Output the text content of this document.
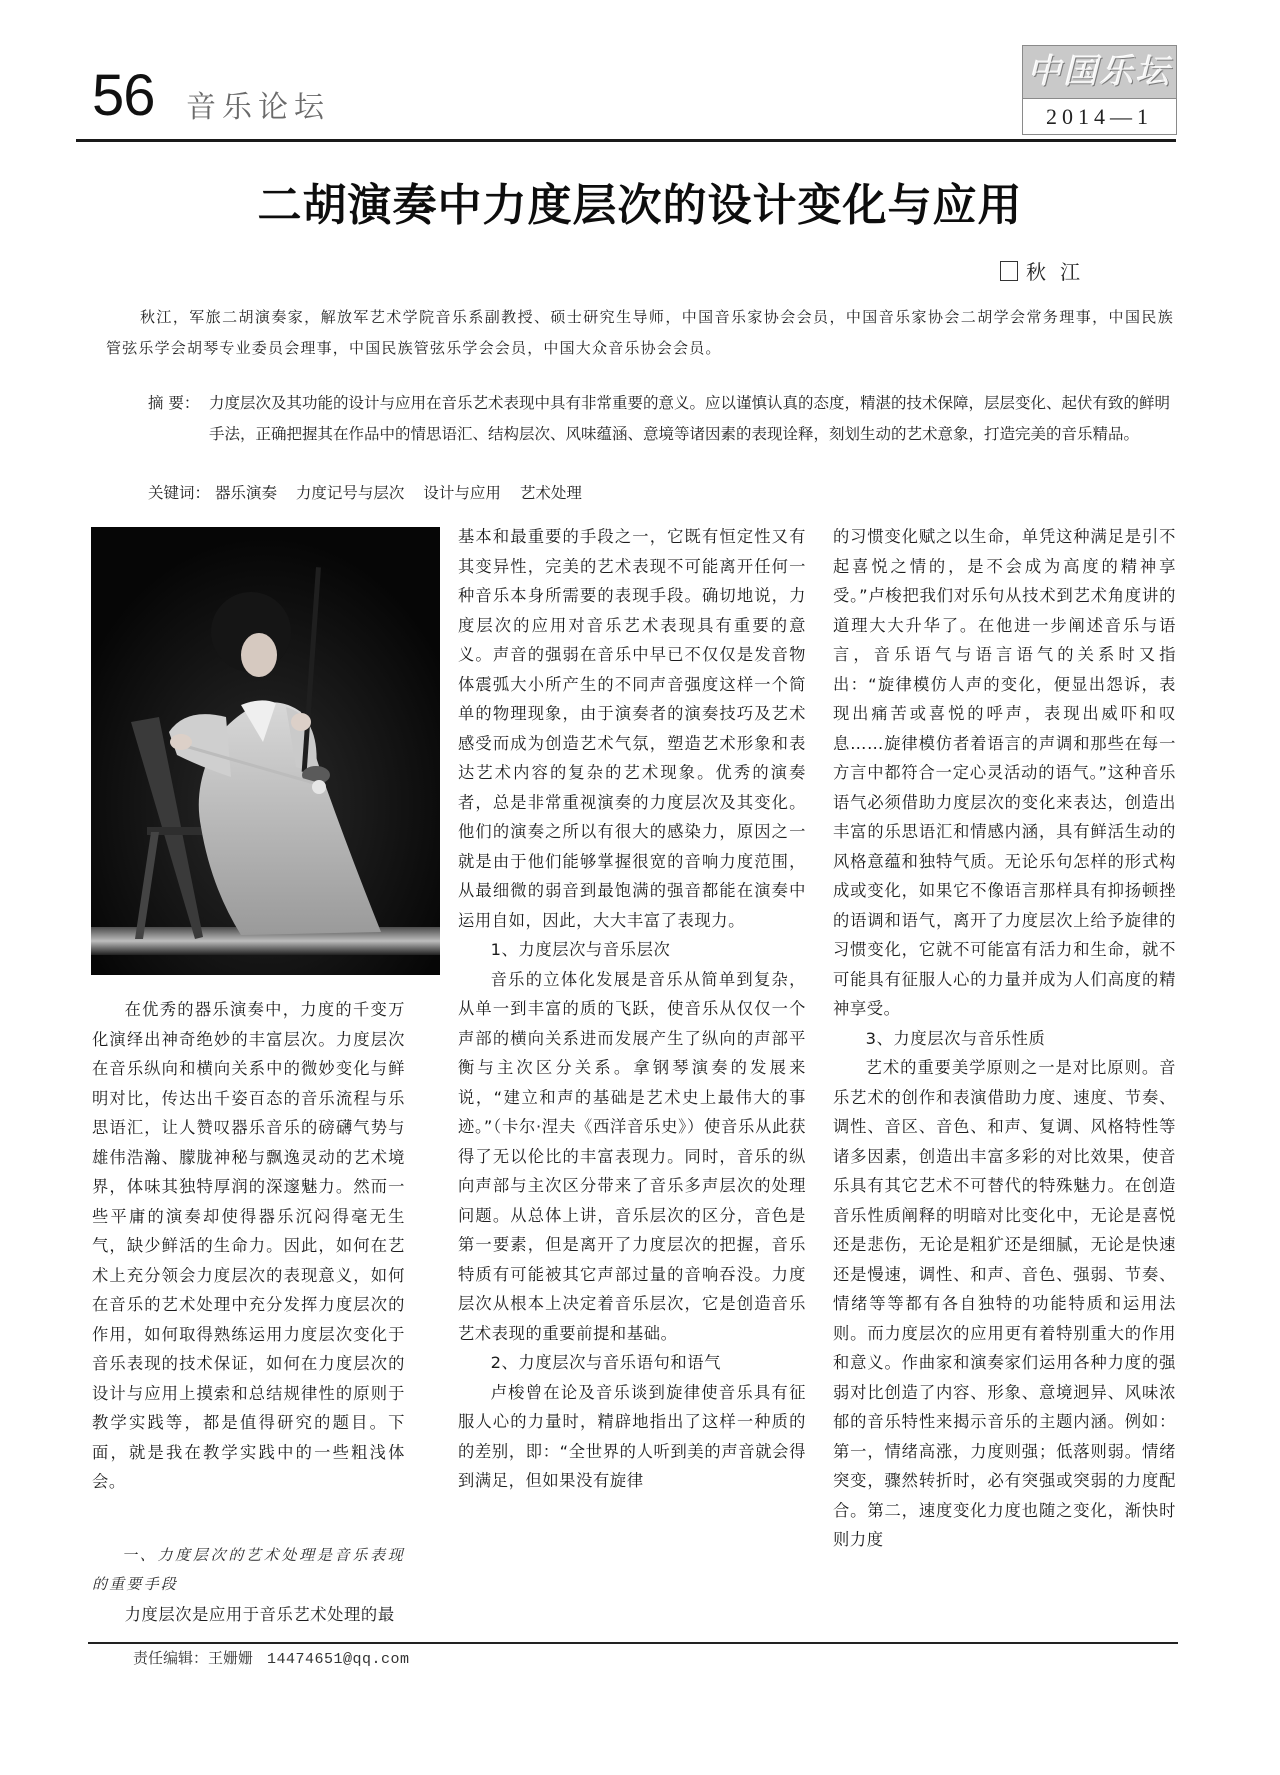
56 音乐论坛
中国乐坛
2014—1
二胡演奏中力度层次的设计变化与应用
秋江
秋江，军旅二胡演奏家，解放军艺术学院音乐系副教授、硕士研究生导师，中国音乐家协会会员，中国音乐家协会二胡学会常务理事，中国民族管弦乐学会胡琴专业委员会理事，中国民族管弦乐学会会员，中国大众音乐协会会员。
摘 要： 力度层次及其功能的设计与应用在音乐艺术表现中具有非常重要的意义。应以谨慎认真的态度，精湛的技术保障，层层变化、起伏有致的鲜明手法，正确把握其在作品中的情思语汇、结构层次、风味蕴涵、意境等诸因素的表现诠释，刻划生动的艺术意象，打造完美的音乐精品。
关键词： 器乐演奏 力度记号与层次 设计与应用 艺术处理

在优秀的器乐演奏中，力度的千变万化演绎出神奇绝妙的丰富层次。力度层次在音乐纵向和横向关系中的微妙变化与鲜明对比，传达出千姿百态的音乐流程与乐思语汇，让人赞叹器乐音乐的磅礴气势与雄伟浩瀚、朦胧神秘与飘逸灵动的艺术境界，体味其独特厚润的深邃魅力。然而一些平庸的演奏却使得器乐沉闷得毫无生气，缺少鲜活的生命力。因此，如何在艺术上充分领会力度层次的表现意义，如何在音乐的艺术处理中充分发挥力度层次的作用，如何取得熟练运用力度层次变化于音乐表现的技术保证，如何在力度层次的设计与应用上摸索和总结规律性的原则于教学实践等，都是值得研究的题目。下面，就是我在教学实践中的一些粗浅体会。

一、力度层次的艺术处理是音乐表现的重要手段

力度层次是应用于音乐艺术处理的最

基本和最重要的手段之一，它既有恒定性又有其变异性，完美的艺术表现不可能离开任何一种音乐本身所需要的表现手段。确切地说，力度层次的应用对音乐艺术表现具有重要的意义。声音的强弱在音乐中早已不仅仅是发音物体震弧大小所产生的不同声音强度这样一个简单的物理现象，由于演奏者的演奏技巧及艺术感受而成为创造艺术气氛，塑造艺术形象和表达艺术内容的复杂的艺术现象。优秀的演奏者，总是非常重视演奏的力度层次及其变化。他们的演奏之所以有很大的感染力，原因之一就是由于他们能够掌握很宽的音响力度范围，从最细微的弱音到最饱满的强音都能在演奏中运用自如，因此，大大丰富了表现力。

1、力度层次与音乐层次

音乐的立体化发展是音乐从简单到复杂，从单一到丰富的质的飞跃，使音乐从仅仅一个声部的横向关系进而发展产生了纵向的声部平衡与主次区分关系。拿钢琴演奏的发展来说，“建立和声的基础是艺术史上最伟大的事迹。”（卡尔·涅夫《西洋音乐史》）使音乐从此获得了无以伦比的丰富表现力。同时，音乐的纵向声部与主次区分带来了音乐多声层次的处理问题。从总体上讲，音乐层次的区分，音色是第一要素，但是离开了力度层次的把握，音乐特质有可能被其它声部过量的音响吞没。力度层次从根本上决定着音乐层次，它是创造音乐艺术表现的重要前提和基础。

2、力度层次与音乐语句和语气

卢梭曾在论及音乐谈到旋律使音乐具有征服人心的力量时，精辟地指出了这样一种质的的差别，即：“全世界的人听到美的声音就会得到满足，但如果没有旋律

的习惯变化赋之以生命，单凭这种满足是引不起喜悦之情的，是不会成为高度的精神享受。”卢梭把我们对乐句从技术到艺术角度讲的道理大大升华了。在他进一步阐述音乐与语言，音乐语气与语言语气的关系时又指出：“旋律模仿人声的变化，便显出怨诉，表现出痛苦或喜悦的呼声，表现出威吓和叹息……旋律模仿者着语言的声调和那些在每一方言中都符合一定心灵活动的语气。”这种音乐语气必须借助力度层次的变化来表达，创造出丰富的乐思语汇和情感内涵，具有鲜活生动的风格意蕴和独特气质。无论乐句怎样的形式构成或变化，如果它不像语言那样具有抑扬顿挫的语调和语气，离开了力度层次上给予旋律的习惯变化，它就不可能富有活力和生命，就不可能具有征服人心的力量并成为人们高度的精神享受。

3、力度层次与音乐性质

艺术的重要美学原则之一是对比原则。音乐艺术的创作和表演借助力度、速度、节奏、调性、音区、音色、和声、复调、风格特性等诸多因素，创造出丰富多彩的对比效果，使音乐具有其它艺术不可替代的特殊魅力。在创造音乐性质阐释的明暗对比变化中，无论是喜悦还是悲伤，无论是粗犷还是细腻，无论是快速还是慢速，调性、和声、音色、强弱、节奏、情绪等等都有各自独特的功能特质和运用法则。而力度层次的应用更有着特别重大的作用和意义。作曲家和演奏家们运用各种力度的强弱对比创造了内容、形象、意境迥异、风味浓郁的音乐特性来揭示音乐的主题内涵。例如：第一，情绪高涨，力度则强；低落则弱。情绪突变，骤然转折时，必有突强或突弱的力度配合。第二，速度变化力度也随之变化，渐快时则力度

责任编辑：王姗姗 14474651@qq.com
